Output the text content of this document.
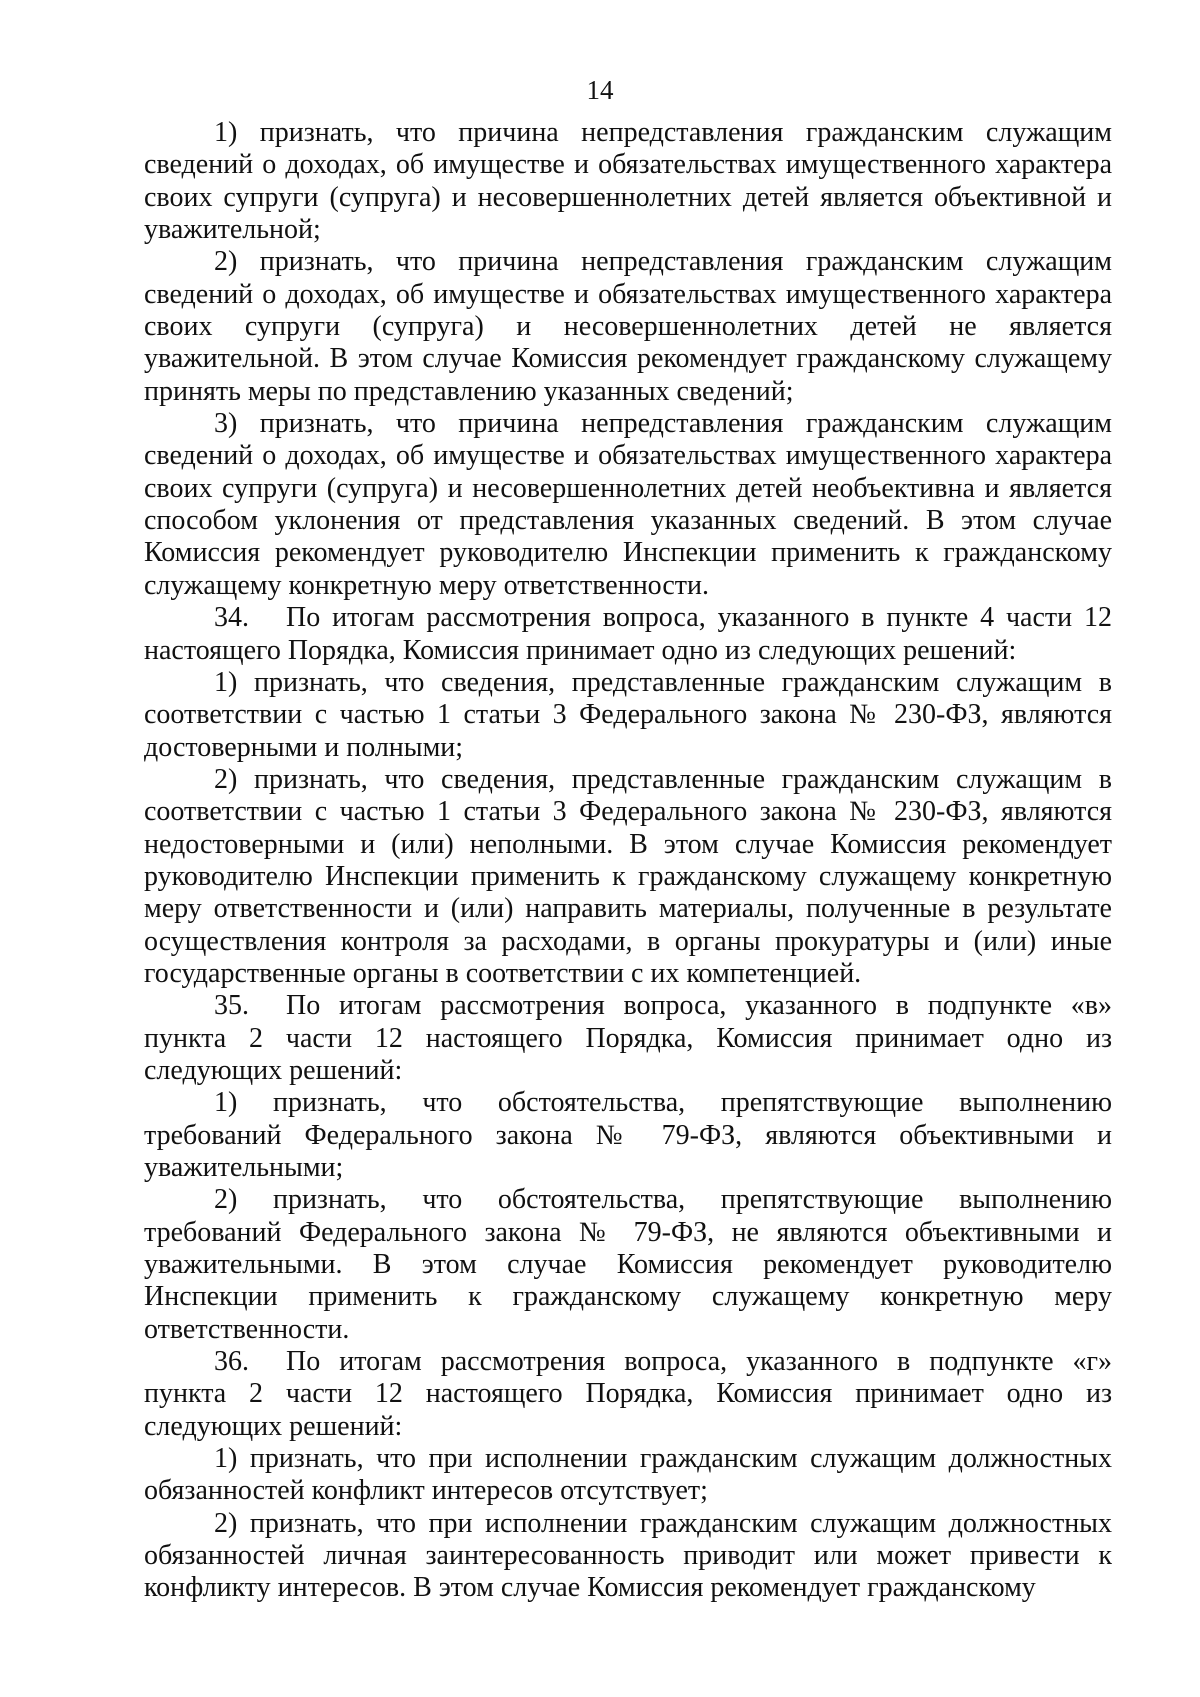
14

1) признать, что причина непредставления гражданским служащим сведений о доходах, об имуществе и обязательствах имущественного характера своих супруги (супруга) и несовершеннолетних детей является объективной и уважительной;

2) признать, что причина непредставления гражданским служащим сведений о доходах, об имуществе и обязательствах имущественного характера своих супруги (супруга) и несовершеннолетних детей не является уважительной. В этом случае Комиссия рекомендует гражданскому служащему принять меры по представлению указанных сведений;

3) признать, что причина непредставления гражданским служащим сведений о доходах, об имуществе и обязательствах имущественного характера своих супруги (супруга) и несовершеннолетних детей необъективна и является способом уклонения от представления указанных сведений. В этом случае Комиссия рекомендует руководителю Инспекции применить к гражданскому служащему конкретную меру ответственности.

34. По итогам рассмотрения вопроса, указанного в пункте 4 части 12 настоящего Порядка, Комиссия принимает одно из следующих решений:

1) признать, что сведения, представленные гражданским служащим в соответствии с частью 1 статьи 3 Федерального закона № 230-ФЗ, являются достоверными и полными;

2) признать, что сведения, представленные гражданским служащим в соответствии с частью 1 статьи 3 Федерального закона № 230-ФЗ, являются недостоверными и (или) неполными. В этом случае Комиссия рекомендует руководителю Инспекции применить к гражданскому служащему конкретную меру ответственности и (или) направить материалы, полученные в результате осуществления контроля за расходами, в органы прокуратуры и (или) иные государственные органы в соответствии с их компетенцией.

35. По итогам рассмотрения вопроса, указанного в подпункте «в» пункта 2 части 12 настоящего Порядка, Комиссия принимает одно из следующих решений:

1) признать, что обстоятельства, препятствующие выполнению требований Федерального закона № 79-ФЗ, являются объективными и уважительными;

2) признать, что обстоятельства, препятствующие выполнению требований Федерального закона № 79-ФЗ, не являются объективными и уважительными. В этом случае Комиссия рекомендует руководителю Инспекции применить к гражданскому служащему конкретную меру ответственности.

36. По итогам рассмотрения вопроса, указанного в подпункте «г» пункта 2 части 12 настоящего Порядка, Комиссия принимает одно из следующих решений:

1) признать, что при исполнении гражданским служащим должностных обязанностей конфликт интересов отсутствует;

2) признать, что при исполнении гражданским служащим должностных обязанностей личная заинтересованность приводит или может привести к конфликту интересов. В этом случае Комиссия рекомендует гражданскому
